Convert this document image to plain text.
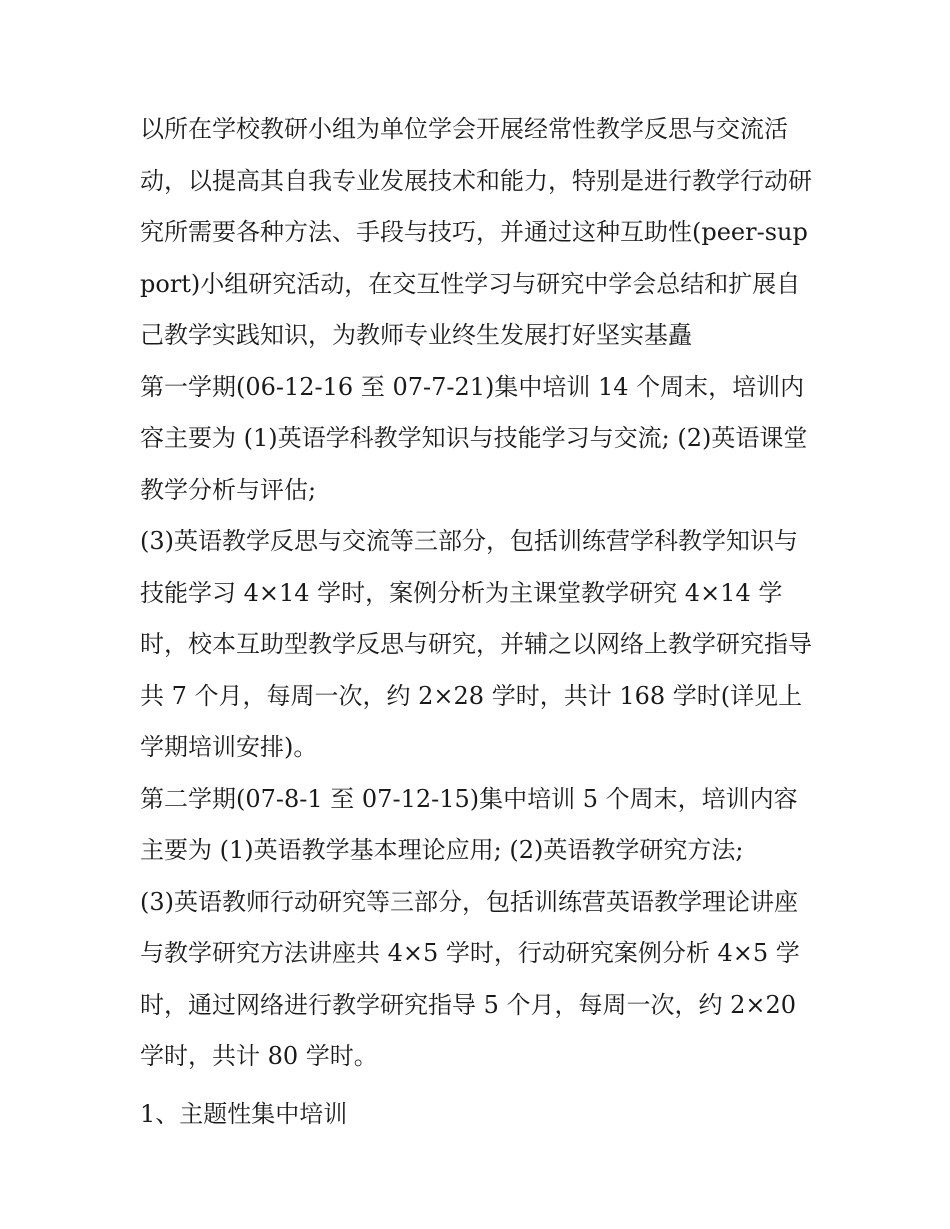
以所在学校教研小组为单位学会开展经常性教学反思与交流活动，以提高其自我专业发展技术和能力，特别是进行教学行动研究所需要各种方法、手段与技巧，并通过这种互助性(peer-support)小组研究活动，在交互性学习与研究中学会总结和扩展自己教学实践知识，为教师专业终生发展打好坚实基矗

第一学期(06-12-16 至 07-7-21)集中培训 14 个周末，培训内容主要为 (1)英语学科教学知识与技能学习与交流; (2)英语课堂教学分析与评估;

(3)英语教学反思与交流等三部分，包括训练营学科教学知识与技能学习 4×14 学时，案例分析为主课堂教学研究 4×14 学时，校本互助型教学反思与研究，并辅之以网络上教学研究指导共 7 个月，每周一次，约 2×28 学时，共计 168 学时(详见上学期培训安排)。

第二学期(07-8-1 至 07-12-15)集中培训 5 个周末，培训内容主要为 (1)英语教学基本理论应用; (2)英语教学研究方法;

(3)英语教师行动研究等三部分，包括训练营英语教学理论讲座与教学研究方法讲座共 4×5 学时，行动研究案例分析 4×5 学时，通过网络进行教学研究指导 5 个月，每周一次，约 2×20 学时，共计 80 学时。

1、主题性集中培训
